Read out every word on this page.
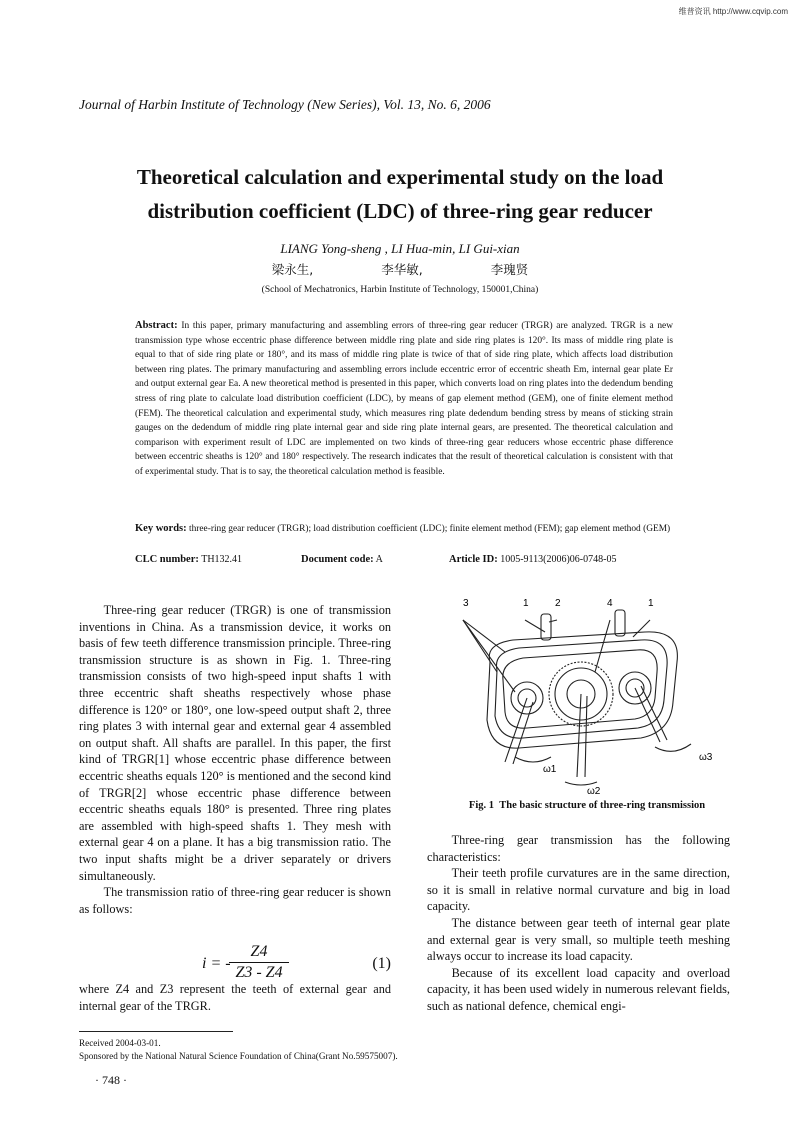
维普资讯 http://www.cqvip.com
Journal of Harbin Institute of Technology (New Series), Vol. 13, No. 6, 2006
Theoretical calculation and experimental study on the load
distribution coefficient (LDC) of three-ring gear reducer
LIANG Yong-sheng , LI Hua-min, LI Gui-xian
梁永生,	李华敏,	李瑰贤
(School of Mechatronics, Harbin Institute of Technology, 150001,China)
Abstract: In this paper, primary manufacturing and assembling errors of three-ring gear reducer (TRGR) are analyzed. TRGR is a new transmission type whose eccentric phase difference between middle ring plate and side ring plates is 120°. Its mass of middle ring plate is equal to that of side ring plate or 180°, and its mass of middle ring plate is twice of that of side ring plate, which affects load distribution between ring plates. The primary manufacturing and assembling errors include eccentric error of eccentric sheath Em, internal gear plate Er and output external gear Ea. A new theoretical method is presented in this paper, which converts load on ring plates into the dedendum bending stress of ring plate to calculate load distribution coefficient (LDC), by means of gap element method (GEM), one of finite element method (FEM). The theoretical calculation and experimental study, which measures ring plate dedendum bending stress by means of sticking strain gauges on the dedendum of middle ring plate internal gear and side ring plate internal gears, are presented. The theoretical calculation and comparison with experiment result of LDC are implemented on two kinds of three-ring gear reducers whose eccentric phase difference between eccentric sheaths is 120° and 180° respectively. The research indicates that the result of theoretical calculation is consistent with that of experimental study. That is to say, the theoretical calculation method is feasible.
Key words: three-ring gear reducer (TRGR); load distribution coefficient (LDC); finite element method (FEM); gap element method (GEM)
CLC number: TH132.41	Document code: A	Article ID: 1005-9113(2006)06-0748-05

Three-ring gear reducer (TRGR) is one of transmission inventions in China. As a transmission device, it works on basis of few teeth difference transmission principle. Three-ring transmission structure is as shown in Fig. 1. Three-ring transmission consists of two high-speed input shafts 1 with three eccentric shaft sheaths respectively whose phase difference is 120° or 180°, one low-speed output shaft 2, three ring plates 3 with internal gear and external gear 4 assembled on output shaft. All shafts are parallel. In this paper, the first kind of TRGR[1] whose eccentric phase difference between eccentric sheaths equals 120° is mentioned and the second kind of TRGR[2] whose eccentric phase difference between eccentric sheaths equals 180° is presented. Three ring plates are assembled with high-speed shafts 1. They mesh with external gear 4 on a plane. It has a big transmission ratio. The two input shafts might be a driver separately or drivers simultaneously.

The transmission ratio of three-ring gear reducer is shown as follows:

i = -
Z4
Z3 - Z4
(1)
where Z4 and Z3 represent the teeth of external gear and internal gear of the TRGR.
3	1	2	4	1
ω1
ω2
ω3
Fig. 1 The basic structure of three-ring transmission

Three-ring gear transmission has the following characteristics:

Their teeth profile curvatures are in the same direction, so it is small in relative normal curvature and big in load capacity.

The distance between gear teeth of internal gear plate and external gear is very small, so multiple teeth meshing always occur to increase its load capacity.

Because of its excellent load capacity and overload capacity, it has been used widely in numerous relevant fields, such as national defence, chemical engi-

Received 2004-03-01.
Sponsored by the National Natural Science Foundation of China(Grant No.59575007).
· 748 ·
